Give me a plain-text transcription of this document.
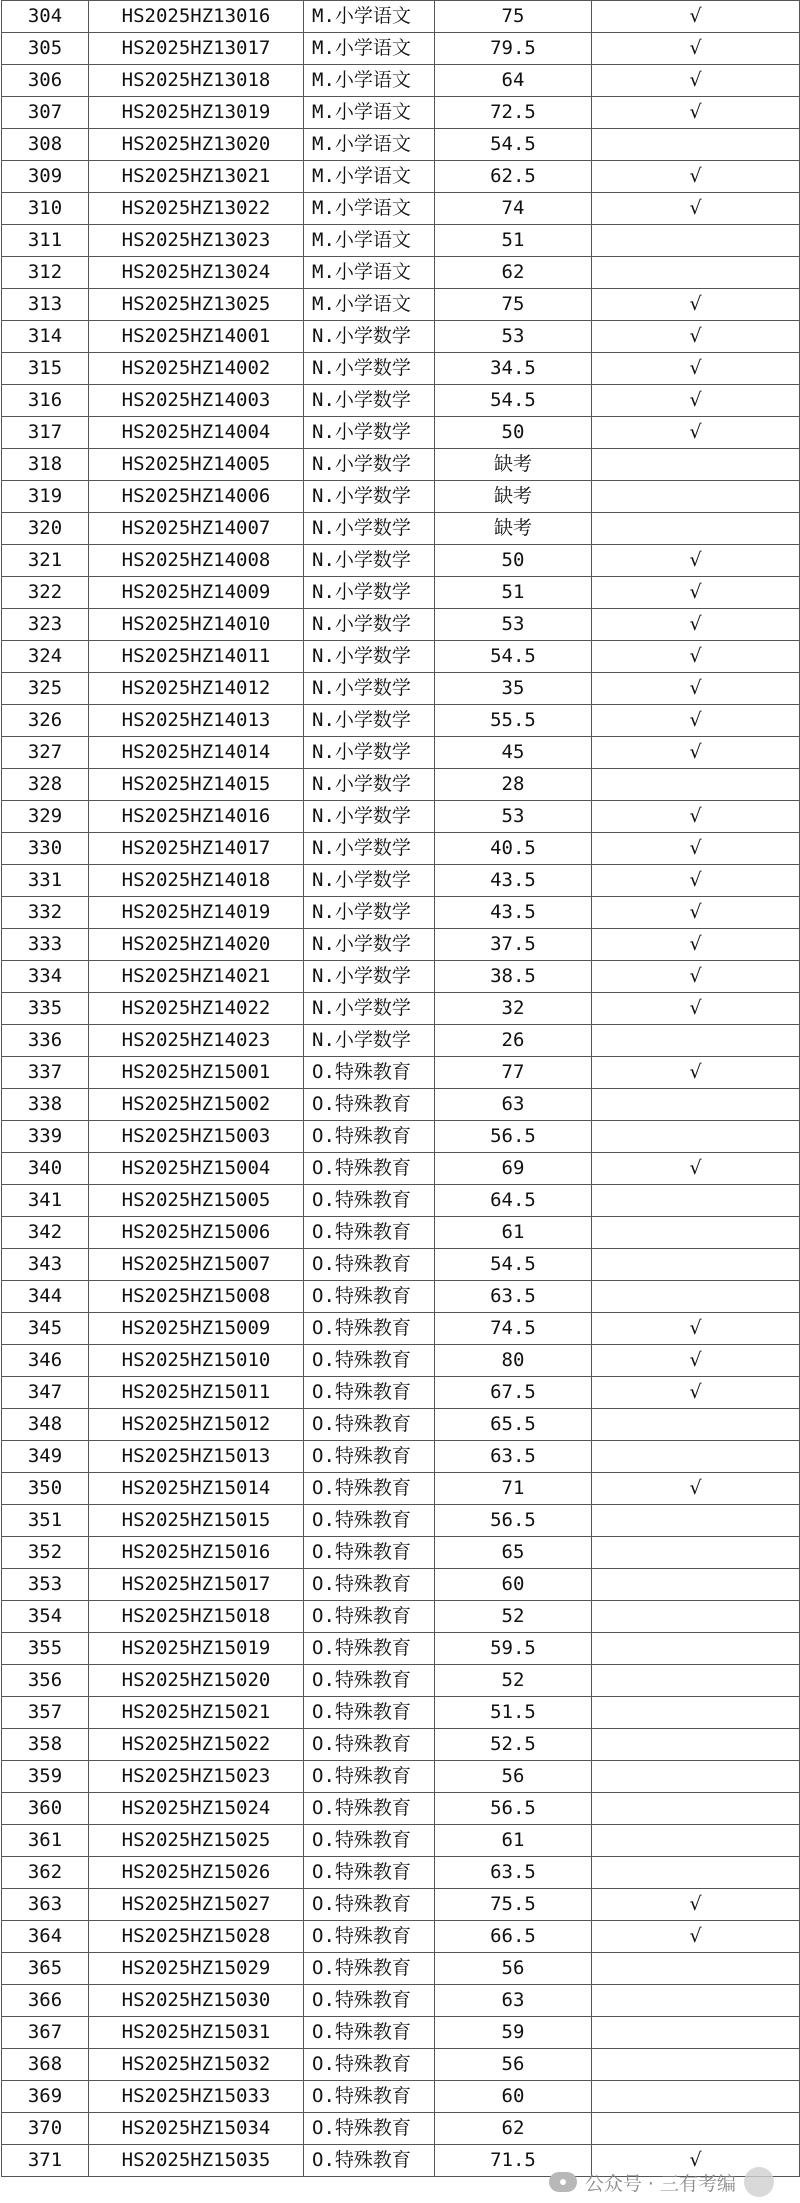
304	HS2025HZ13016	M.小学语文	75	√
305	HS2025HZ13017	M.小学语文	79.5	√
306	HS2025HZ13018	M.小学语文	64	√
307	HS2025HZ13019	M.小学语文	72.5	√
308	HS2025HZ13020	M.小学语文	54.5	
309	HS2025HZ13021	M.小学语文	62.5	√
310	HS2025HZ13022	M.小学语文	74	√
311	HS2025HZ13023	M.小学语文	51	
312	HS2025HZ13024	M.小学语文	62	
313	HS2025HZ13025	M.小学语文	75	√
314	HS2025HZ14001	N.小学数学	53	√
315	HS2025HZ14002	N.小学数学	34.5	√
316	HS2025HZ14003	N.小学数学	54.5	√
317	HS2025HZ14004	N.小学数学	50	√
318	HS2025HZ14005	N.小学数学	缺考	
319	HS2025HZ14006	N.小学数学	缺考	
320	HS2025HZ14007	N.小学数学	缺考	
321	HS2025HZ14008	N.小学数学	50	√
322	HS2025HZ14009	N.小学数学	51	√
323	HS2025HZ14010	N.小学数学	53	√
324	HS2025HZ14011	N.小学数学	54.5	√
325	HS2025HZ14012	N.小学数学	35	√
326	HS2025HZ14013	N.小学数学	55.5	√
327	HS2025HZ14014	N.小学数学	45	√
328	HS2025HZ14015	N.小学数学	28	
329	HS2025HZ14016	N.小学数学	53	√
330	HS2025HZ14017	N.小学数学	40.5	√
331	HS2025HZ14018	N.小学数学	43.5	√
332	HS2025HZ14019	N.小学数学	43.5	√
333	HS2025HZ14020	N.小学数学	37.5	√
334	HS2025HZ14021	N.小学数学	38.5	√
335	HS2025HZ14022	N.小学数学	32	√
336	HS2025HZ14023	N.小学数学	26	
337	HS2025HZ15001	O.特殊教育	77	√
338	HS2025HZ15002	O.特殊教育	63	
339	HS2025HZ15003	O.特殊教育	56.5	
340	HS2025HZ15004	O.特殊教育	69	√
341	HS2025HZ15005	O.特殊教育	64.5	
342	HS2025HZ15006	O.特殊教育	61	
343	HS2025HZ15007	O.特殊教育	54.5	
344	HS2025HZ15008	O.特殊教育	63.5	
345	HS2025HZ15009	O.特殊教育	74.5	√
346	HS2025HZ15010	O.特殊教育	80	√
347	HS2025HZ15011	O.特殊教育	67.5	√
348	HS2025HZ15012	O.特殊教育	65.5	
349	HS2025HZ15013	O.特殊教育	63.5	
350	HS2025HZ15014	O.特殊教育	71	√
351	HS2025HZ15015	O.特殊教育	56.5	
352	HS2025HZ15016	O.特殊教育	65	
353	HS2025HZ15017	O.特殊教育	60	
354	HS2025HZ15018	O.特殊教育	52	
355	HS2025HZ15019	O.特殊教育	59.5	
356	HS2025HZ15020	O.特殊教育	52	
357	HS2025HZ15021	O.特殊教育	51.5	
358	HS2025HZ15022	O.特殊教育	52.5	
359	HS2025HZ15023	O.特殊教育	56	
360	HS2025HZ15024	O.特殊教育	56.5	
361	HS2025HZ15025	O.特殊教育	61	
362	HS2025HZ15026	O.特殊教育	63.5	
363	HS2025HZ15027	O.特殊教育	75.5	√
364	HS2025HZ15028	O.特殊教育	66.5	√
365	HS2025HZ15029	O.特殊教育	56	
366	HS2025HZ15030	O.特殊教育	63	
367	HS2025HZ15031	O.特殊教育	59	
368	HS2025HZ15032	O.特殊教育	56	
369	HS2025HZ15033	O.特殊教育	60	
370	HS2025HZ15034	O.特殊教育	62	
371	HS2025HZ15035	O.特殊教育	71.5	√
公众号 · 三有考编
